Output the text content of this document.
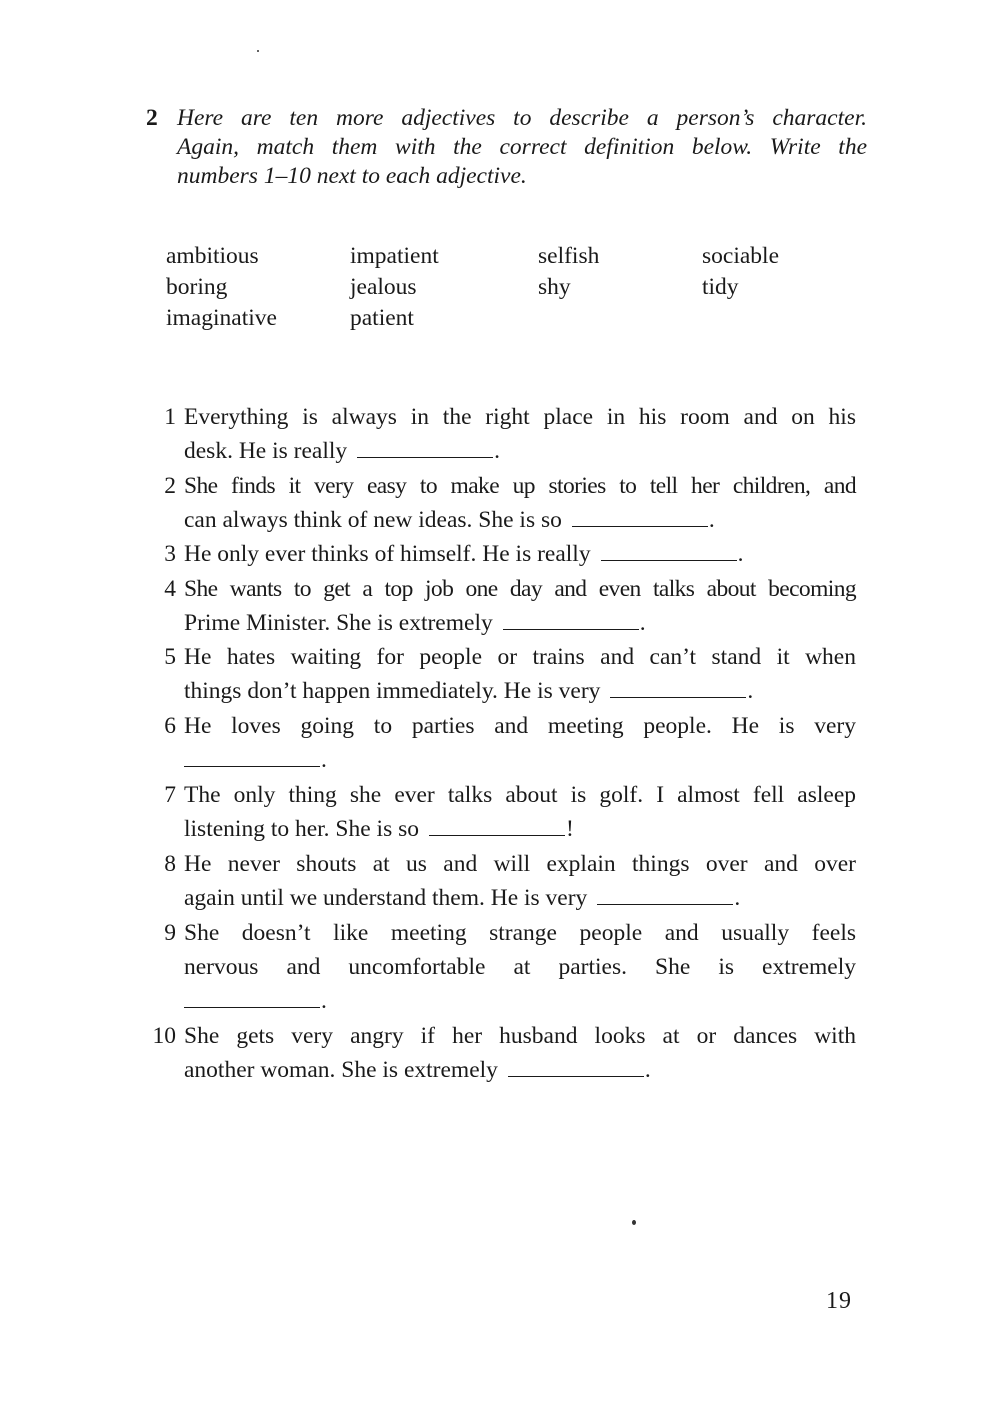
2 Here are ten more adjectives to describe a person’s character.
Again, match them with the correct definition below. Write the
numbers 1–10 next to each adjective.
ambitious	impatient	selfish	sociable
boring	jealous	shy	tidy
imaginative	patient
1 Everything is always in the right place in his room and on his
desk. He is really	.
2 She finds it very easy to make up stories to tell her children, and
can always think of new ideas. She is so	.
3 He only ever thinks of himself. He is really	.
4 She wants to get a top job one day and even talks about becoming
Prime Minister. She is extremely	.
5 He hates waiting for people or trains and can’t stand it when
things don’t happen immediately. He is very	.
6 He loves going to parties and meeting people. He is very
.
7 The only thing she ever talks about is golf. I almost fell asleep
listening to her. She is so	!
8 He never shouts at us and will explain things over and over
again until we understand them. He is very	.
9 She doesn’t like meeting strange people and usually feels
nervous and uncomfortable at parties. She is extremely
.
10 She gets very angry if her husband looks at or dances with
another woman. She is extremely	.
19
